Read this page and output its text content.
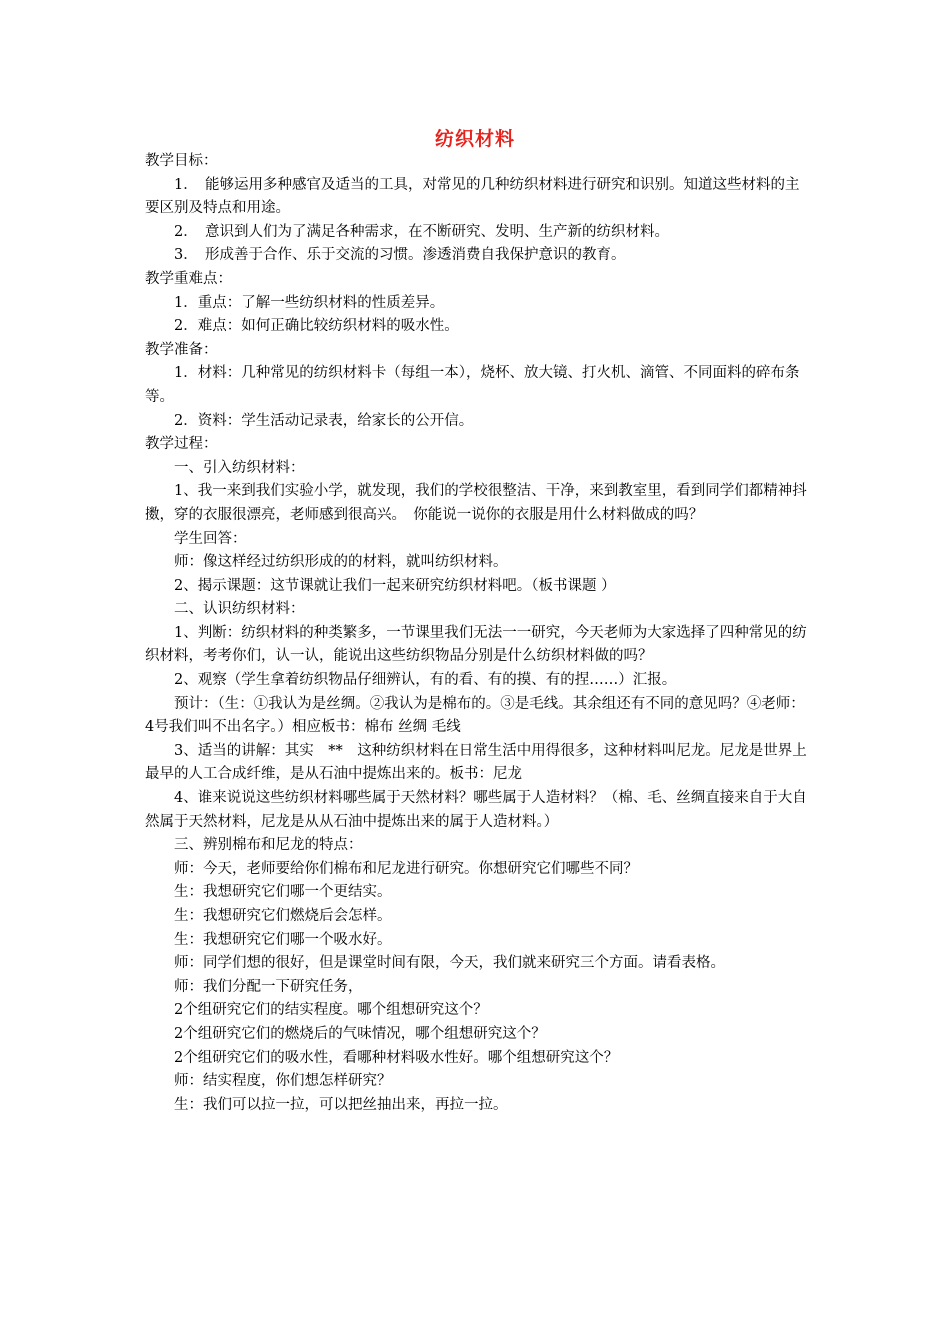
纺织材料

教学目标：

1．　能够运用多种感官及适当的工具，对常见的几种纺织材料进行研究和识别。知道这些材料的主要区别及特点和用途。

2．　意识到人们为了满足各种需求，在不断研究、发明、生产新的纺织材料。

3．　形成善于合作、乐于交流的习惯。渗透消费自我保护意识的教育。

教学重难点：

1．重点：了解一些纺织材料的性质差异。

2．难点：如何正确比较纺织材料的吸水性。

教学准备：

1．材料：几种常见的纺织材料卡（每组一本），烧杯、放大镜、打火机、滴管、不同面料的碎布条等。

2．资料：学生活动记录表，给家长的公开信。

教学过程：

一、引入纺织材料：

1、我一来到我们实验小学，就发现，我们的学校很整洁、干净，来到教室里，看到同学们都精神抖擞，穿的衣服很漂亮，老师感到很高兴。　你能说一说你的衣服是用什么材料做成的吗？

学生回答：

师：像这样经过纺织形成的的材料，就叫纺织材料。

2、揭示课题：这节课就让我们一起来研究纺织材料吧。（板书课题 ）

二、认识纺织材料：

1、判断：纺织材料的种类繁多，一节课里我们无法一一研究，今天老师为大家选择了四种常见的纺织材料，考考你们，认一认，能说出这些纺织物品分别是什么纺织材料做的吗？

2、观察（学生拿着纺织物品仔细辨认，有的看、有的摸、有的捏……）汇报。

预计：（生：①我认为是丝绸。②我认为是棉布的。③是毛线。其余组还有不同的意见吗？④老师：4号我们叫不出名字。）相应板书：棉布 丝绸 毛线

3、适当的讲解：其实　**　这种纺织材料在日常生活中用得很多，这种材料叫尼龙。尼龙是世界上最早的人工合成纤维，是从石油中提炼出来的。板书：尼龙

4、谁来说说这些纺织材料哪些属于天然材料？哪些属于人造材料？（棉、毛、丝绸直接来自于大自然属于天然材料，尼龙是从从石油中提炼出来的属于人造材料。）

三、辨别棉布和尼龙的特点：

师：今天，老师要给你们棉布和尼龙进行研究。你想研究它们哪些不同？

生：我想研究它们哪一个更结实。

生：我想研究它们燃烧后会怎样。

生：我想研究它们哪一个吸水好。

师：同学们想的很好，但是课堂时间有限，今天，我们就来研究三个方面。请看表格。

师：我们分配一下研究任务，

2个组研究它们的结实程度。哪个组想研究这个？

2个组研究它们的燃烧后的气味情况，哪个组想研究这个？

2个组研究它们的吸水性，看哪种材料吸水性好。哪个组想研究这个？

师：结实程度，你们想怎样研究？

生：我们可以拉一拉，可以把丝抽出来，再拉一拉。
